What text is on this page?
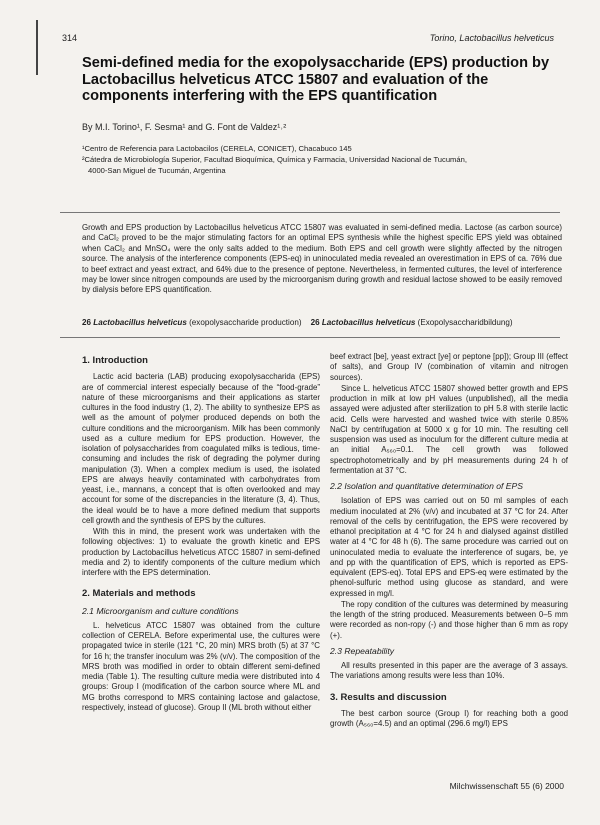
314	Torino, Lactobacillus helveticus
Semi-defined media for the exopolysaccharide (EPS) production by Lactobacillus helveticus ATCC 15807 and evaluation of the components interfering with the EPS quantification
By M.I. Torino¹, F. Sesma¹ and G. Font de Valdez¹˒²
¹Centro de Referencia para Lactobacilos (CERELA, CONICET), Chacabuco 145
²Cátedra de Microbiología Superior, Facultad Bioquímica, Química y Farmacia, Universidad Nacional de Tucumán,
4000-San Miguel de Tucumán, Argentina
Growth and EPS production by Lactobacillus helveticus ATCC 15807 was evaluated in semi-defined media. Lactose (as carbon source) and CaCl₂ proved to be the major stimulating factors for an optimal EPS synthesis while the highest specific EPS yield was obtained when CaCl₂ and MnSO₄ were the only salts added to the medium. Both EPS and cell growth were slightly affected by the nitrogen source. The analysis of the interference components (EPS-eq) in uninoculated media revealed an overestimation in EPS of ca. 76% due to beef extract and yeast extract, and 64% due to the presence of peptone. Nevertheless, in fermented cultures, the level of interference may be lower since nitrogen compounds are used by the microorganism during growth and residual lactose showed to be easily removed by dialysis before EPS quantification.
26 Lactobacillus helveticus (exopolysaccharide production) 26 Lactobacillus helveticus (Exopolysaccharidbildung)
1. Introduction

Lactic acid bacteria (LAB) producing exopolysaccharida (EPS) are of commercial interest especially because of the “food-grade” nature of these microorganisms and their applications as starter cultures in the food industry (1, 2). The ability to synthesize EPS as well as the amount of polymer produced depends on both the culture conditions and the microorganism. Milk has been commonly used as a culture medium for EPS production. However, the isolation of polysaccharides from coagulated milks is tedious, time-consuming and includes the risk of degrading the polymer during manipulation (3). When a complex medium is used, the isolated EPS are always heavily contaminated with carbohydrates from yeast, i.e., mannans, a concept that is often overlooked and may account for some of the discrepancies in the literature (3, 4). Thus, the ideal would be to have a more defined medium that supports cell growth and the synthesis of EPS by the cultures.

With this in mind, the present work was undertaken with the following objectives: 1) to evaluate the growth kinetic and EPS production by Lactobacillus helveticus ATCC 15807 in semi-defined media and 2) to identify components of the culture medium which interfere with the EPS determination.

2. Materials and methods
2.1 Microorganism and culture conditions

L. helveticus ATCC 15807 was obtained from the culture collection of CERELA. Before experimental use, the cultures were propagated twice in sterile (121 °C, 20 min) MRS broth (5) at 37 °C for 16 h; the transfer inoculum was 2% (v/v). The composition of the MRS broth was modified in order to obtain different semi-defined media (Table 1). The resulting culture media were distributed into 4 groups: Group I (modification of the carbon source where ML and MG broths correspond to MRS containing lactose and galactose, respectively, instead of glucose). Group II (ML broth without either

beef extract [be], yeast extract [ye] or peptone [pp]); Group III (effect of salts), and Group IV (combination of vitamin and nitrogen sources).

Since L. helveticus ATCC 15807 showed better growth and EPS production in milk at low pH values (unpublished), all the media assayed were adjusted after sterilization to pH 5.8 with sterile lactic acid. Cells were harvested and washed twice with sterile 0.85% NaCl by centrifugation at 5000 x g for 10 min. The resulting cell suspension was used as inoculum for the different culture media at an initial A₅₆₀=0.1. The cell growth was followed spectrophotometrically and by pH measurements during 24 h of fermentation at 37 °C.

2.2 Isolation and quantitative determination of EPS

Isolation of EPS was carried out on 50 ml samples of each medium inoculated at 2% (v/v) and incubated at 37 °C for 24. After removal of the cells by centrifugation, the EPS were recovered by ethanol precipitation at 4 °C for 24 h and dialysed against distilled water at 4 °C for 48 h (6). The same procedure was carried out on uninoculated media to evaluate the interference of sugars, be, ye and pp with the quantification of EPS, which is reported as EPS-equivalent (EPS-eq). Total EPS and EPS-eq were estimated by the phenol-sulfuric method using glucose as standard, and were expressed in mg/l.

The ropy condition of the cultures was determined by measuring the length of the string produced. Measurements between 0–5 mm were recorded as non-ropy (-) and those higher than 6 mm as ropy (+).

2.3 Repeatability

All results presented in this paper are the average of 3 assays. The variations among results were less than 10%.

3. Results and discussion

The best carbon source (Group I) for reaching both a good growth (A₅₆₀=4.5) and an optimal (296.6 mg/l) EPS

Milchwissenschaft 55 (6) 2000
